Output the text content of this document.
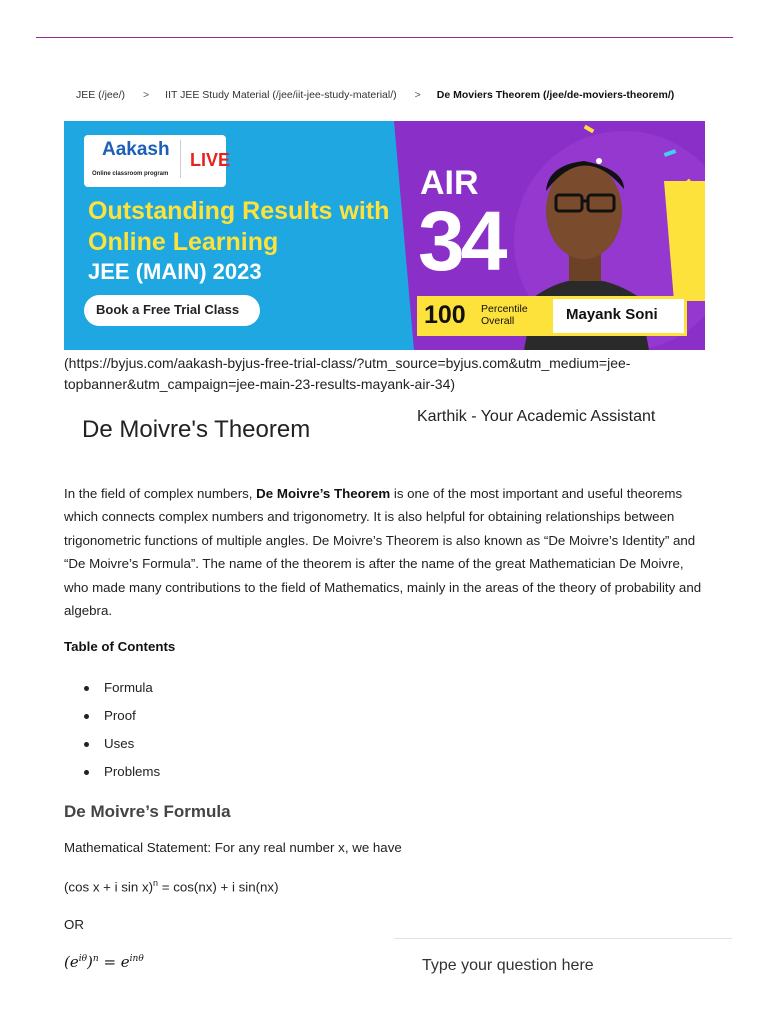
JEE (/jee/) > IIT JEE Study Material (/jee/iit-jee-study-material/) > De Moviers Theorem (/jee/de-moviers-theorem/)
Aakash
Online classroom program
LIVE
Outstanding Results with Online Learning
JEE (MAIN) 2023
Book a Free Trial Class
AIR
34
100 Percentile Overall	Mayank Soni
(https://byjus.com/aakash-byjus-free-trial-class/?utm_source=byjus.com&utm_medium=jee-topbanner&utm_campaign=jee-main-23-results-mayank-air-34)
De Moivre's Theorem	Karthik - Your Academic Assistant

In the field of complex numbers, De Moivre’s Theorem is one of the most important and useful theorems which connects complex numbers and trigonometry. It is also helpful for obtaining relationships between trigonometric functions of multiple angles. De Moivre’s Theorem is also known as “De Moivre’s Identity” and “De Moivre’s Formula”. The name of the theorem is after the name of the great Mathematician De Moivre, who made many contributions to the field of Mathematics, mainly in the areas of the theory of probability and algebra.

Table of Contents
Formula
Proof
Uses
Problems
De Moivre’s Formula
Mathematical Statement: For any real number x, we have
(cos x + i sin x)$^n$ = cos(nx) + i sin(nx)
OR
$(e^{i\theta})^n = e^{in\theta}$
Type your question here
